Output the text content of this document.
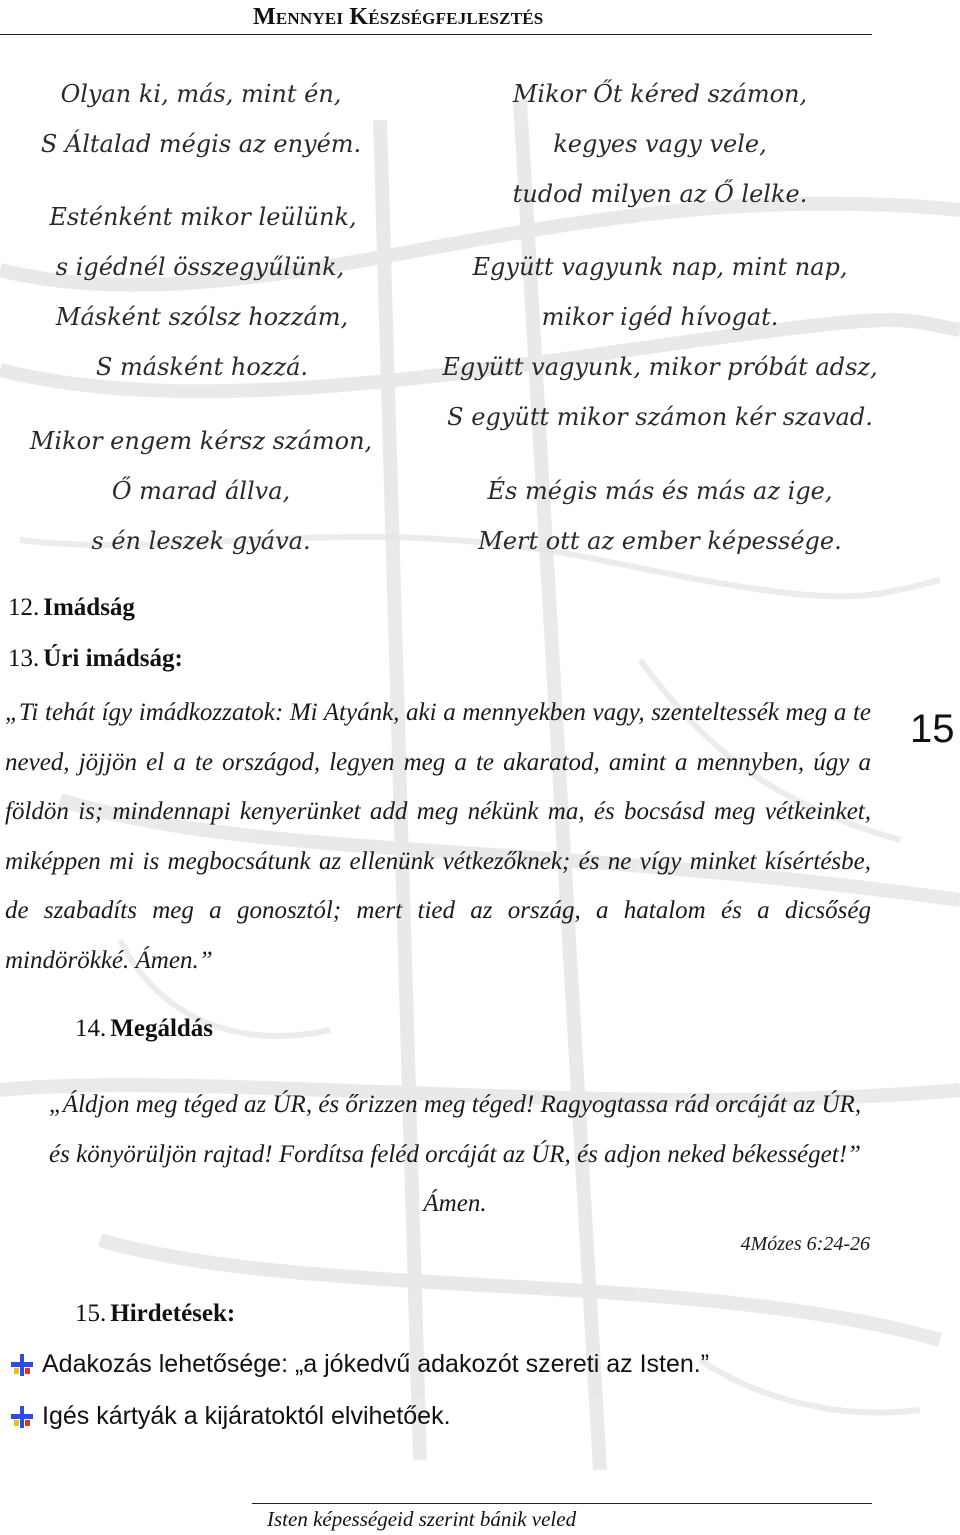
Mennyei Készségfejlesztés
Olyan ki, más, mint én,
S Általad mégis az enyém.
Esténként mikor leülünk,
s igédnél összegyűlünk,
Másként szólsz hozzám,
S másként hozzá.
Mikor engem kérsz számon,
Ő marad állva,
s én leszek gyáva.
Mikor Őt kéred számon,
kegyes vagy vele,
tudod milyen az Ő lelke.
Együtt vagyunk nap, mint nap,
mikor igéd hívogat.
Együtt vagyunk, mikor próbát adsz,
S együtt mikor számon kér szavad.
És mégis más és más az ige,
Mert ott az ember képessége.
12. Imádság
13. Úri imádság:
„Ti tehát így imádkozzatok: Mi Atyánk, aki a mennyekben vagy, szenteltessék meg a te neved, jöjjön el a te országod, legyen meg a te akaratod, amint a mennyben, úgy a földön is; mindennapi kenyerünket add meg nékünk ma, és bocsásd meg vétkeinket, miképpen mi is megbocsátunk az ellenünk vétkezőknek; és ne vígy minket kísértésbe, de szabadíts meg a gonosztól; mert tied az ország, a hatalom és a dicsőség mindörökké. Ámen.”
15
14. Megáldás
„Áldjon meg téged az ÚR, és őrizzen meg téged! Ragyogtassa rád orcáját az ÚR, és könyörüljön rajtad! Fordítsa feléd orcáját az ÚR, és adjon neked békességet!” Ámen.
4Mózes 6:24-26
15. Hirdetések:
Adakozás lehetősége: „a jókedvű adakozót szereti az Isten.”
Igés kártyák a kijáratoktól elvihetőek.
Isten képességeid szerint bánik veled
